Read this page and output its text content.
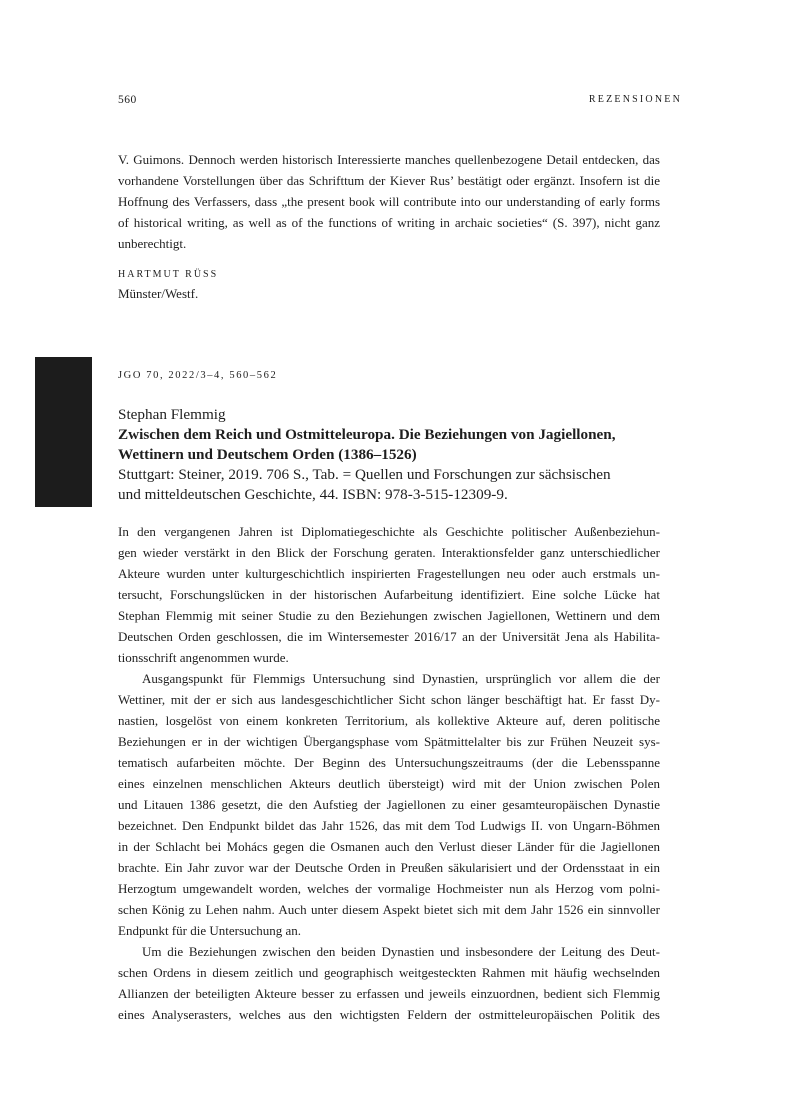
560	REZENSIONEN

V. Guimons. Dennoch werden historisch Interessierte manches quellenbezogene Detail entdecken, das vorhandene Vorstellungen über das Schrifttum der Kiever Rus’ bestätigt oder ergänzt. Insofern ist die Hoffnung des Verfassers, dass „the present book will contribute into our understanding of early forms of historical writing, as well as of the functions of writing in archaic societies“ (S. 397), nicht ganz unberechtigt.

HARTMUT RÜSS
Münster/Westf.
JGO 70, 2022/3–4, 560–562
Stephan Flemmig
Zwischen dem Reich und Ostmitteleuropa. Die Beziehungen von Jagiellonen,
Wettinern und Deutschem Orden (1386–1526)
Stuttgart: Steiner, 2019. 706 S., Tab. = Quellen und Forschungen zur sächsischen
und mitteldeutschen Geschichte, 44. ISBN: 978-3-515-12309-9.

In den vergangenen Jahren ist Diplomatiegeschichte als Geschichte politischer Außenbeziehun-
gen wieder verstärkt in den Blick der Forschung geraten. Interaktionsfelder ganz unterschiedlicher
Akteure wurden unter kulturgeschichtlich inspirierten Fragestellungen neu oder auch erstmals un-
tersucht, Forschungslücken in der historischen Aufarbeitung identifiziert. Eine solche Lücke hat
Stephan Flemmig mit seiner Studie zu den Beziehungen zwischen Jagiellonen, Wettinern und dem
Deutschen Orden geschlossen, die im Wintersemester 2016/17 an der Universität Jena als Habilita-
tionsschrift angenommen wurde.

Ausgangspunkt für Flemmigs Untersuchung sind Dynastien, ursprünglich vor allem die der
Wettiner, mit der er sich aus landesgeschichtlicher Sicht schon länger beschäftigt hat. Er fasst Dy-
nastien, losgelöst von einem konkreten Territorium, als kollektive Akteure auf, deren politische
Beziehungen er in der wichtigen Übergangsphase vom Spätmittelalter bis zur Frühen Neuzeit sys-
tematisch aufarbeiten möchte. Der Beginn des Untersuchungszeitraums (der die Lebensspanne
eines einzelnen menschlichen Akteurs deutlich übersteigt) wird mit der Union zwischen Polen
und Litauen 1386 gesetzt, die den Aufstieg der Jagiellonen zu einer gesamteuropäischen Dynastie
bezeichnet. Den Endpunkt bildet das Jahr 1526, das mit dem Tod Ludwigs II. von Ungarn-Böhmen
in der Schlacht bei Mohács gegen die Osmanen auch den Verlust dieser Länder für die Jagiellonen
brachte. Ein Jahr zuvor war der Deutsche Orden in Preußen säkularisiert und der Ordensstaat in ein
Herzogtum umgewandelt worden, welches der vormalige Hochmeister nun als Herzog vom polni-
schen König zu Lehen nahm. Auch unter diesem Aspekt bietet sich mit dem Jahr 1526 ein sinnvoller
Endpunkt für die Untersuchung an.

Um die Beziehungen zwischen den beiden Dynastien und insbesondere der Leitung des Deut-
schen Ordens in diesem zeitlich und geographisch weitgesteckten Rahmen mit häufig wechselnden
Allianzen der beteiligten Akteure besser zu erfassen und jeweils einzuordnen, bedient sich Flemmig
eines Analyserasters, welches aus den wichtigsten Feldern der ostmitteleuropäischen Politik des
